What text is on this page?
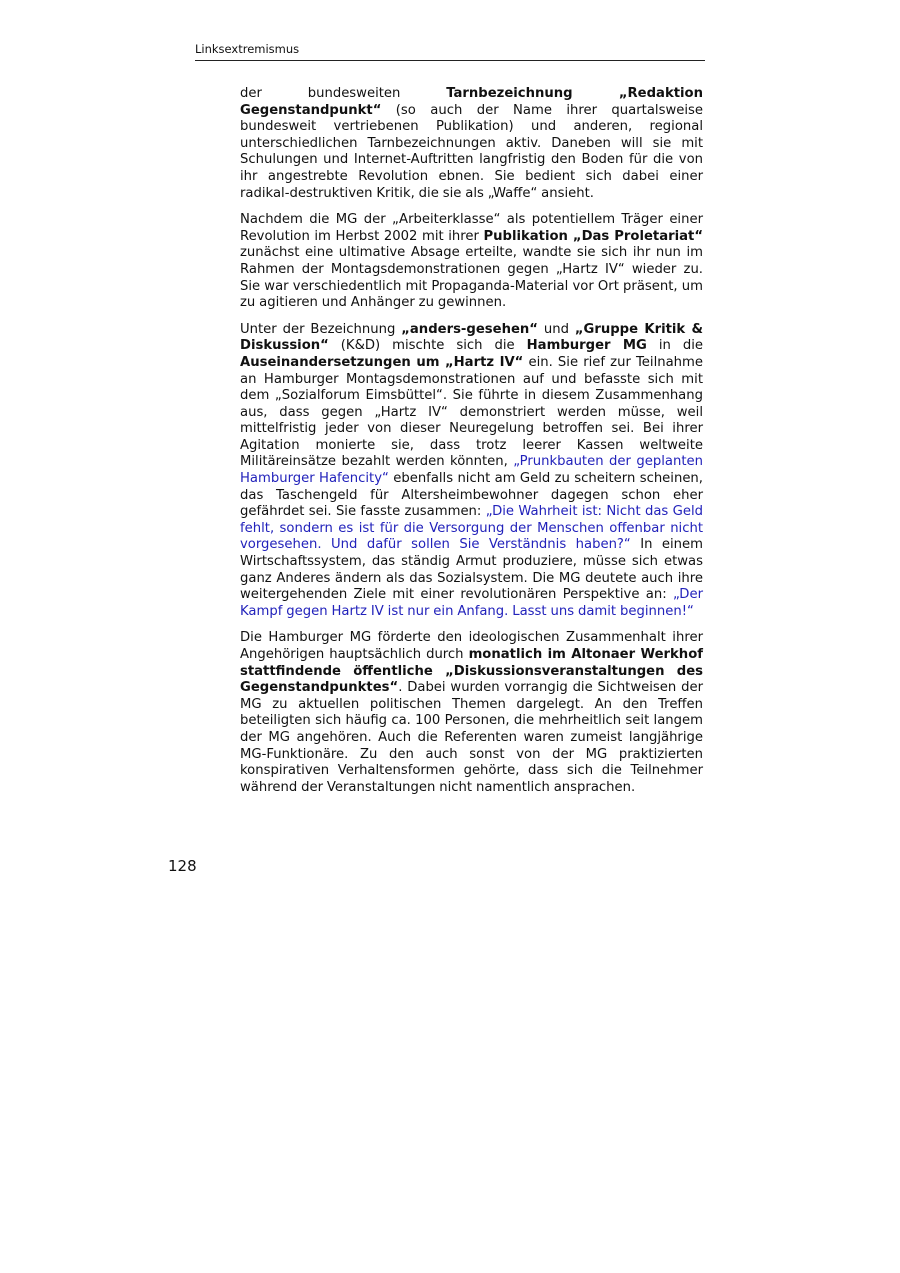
Linksextremismus

der bundesweiten Tarnbezeichnung „Redaktion Gegenstandpunkt“ (so auch der Name ihrer quartalsweise bundesweit vertriebenen Publikation) und anderen, regional unterschiedlichen Tarnbezeichnungen aktiv. Daneben will sie mit Schulungen und Internet-Auftritten langfristig den Boden für die von ihr angestrebte Revolution ebnen. Sie bedient sich dabei einer radikal-destruktiven Kritik, die sie als „Waffe“ ansieht.

Nachdem die MG der „Arbeiterklasse“ als potentiellem Träger einer Revolution im Herbst 2002 mit ihrer Publikation „Das Proletariat“ zunächst eine ultimative Absage erteilte, wandte sie sich ihr nun im Rahmen der Montagsdemonstrationen gegen „Hartz IV“ wieder zu. Sie war verschiedentlich mit Propaganda-Material vor Ort präsent, um zu agitieren und Anhänger zu gewinnen.

Unter der Bezeichnung „anders-gesehen“ und „Gruppe Kritik & Diskussion“ (K&D) mischte sich die Hamburger MG in die Auseinandersetzungen um „Hartz IV“ ein. Sie rief zur Teilnahme an Hamburger Montagsdemonstrationen auf und befasste sich mit dem „Sozialforum Eimsbüttel“. Sie führte in diesem Zusammenhang aus, dass gegen „Hartz IV“ demonstriert werden müsse, weil mittelfristig jeder von dieser Neuregelung betroffen sei. Bei ihrer Agitation monierte sie, dass trotz leerer Kassen weltweite Militäreinsätze bezahlt werden könnten, „Prunkbauten der geplanten Hamburger Hafencity“ ebenfalls nicht am Geld zu scheitern scheinen, das Taschengeld für Altersheimbewohner dagegen schon eher gefährdet sei. Sie fasste zusammen: „Die Wahrheit ist: Nicht das Geld fehlt, sondern es ist für die Versorgung der Menschen offenbar nicht vorgesehen. Und dafür sollen Sie Verständnis haben?“ In einem Wirtschaftssystem, das ständig Armut produziere, müsse sich etwas ganz Anderes ändern als das Sozialsystem. Die MG deutete auch ihre weitergehenden Ziele mit einer revolutionären Perspektive an: „Der Kampf gegen Hartz IV ist nur ein Anfang. Lasst uns damit beginnen!“

Die Hamburger MG förderte den ideologischen Zusammenhalt ihrer Angehörigen hauptsächlich durch monatlich im Altonaer Werkhof stattfindende öffentliche „Diskussionsveranstaltungen des Gegenstandpunktes“. Dabei wurden vorrangig die Sichtweisen der MG zu aktuellen politischen Themen dargelegt. An den Treffen beteiligten sich häufig ca. 100 Personen, die mehrheitlich seit langem der MG angehören. Auch die Referenten waren zumeist langjährige MG-Funktionäre. Zu den auch sonst von der MG praktizierten konspirativen Verhaltensformen gehörte, dass sich die Teilnehmer während der Veranstaltungen nicht namentlich ansprachen.

128
